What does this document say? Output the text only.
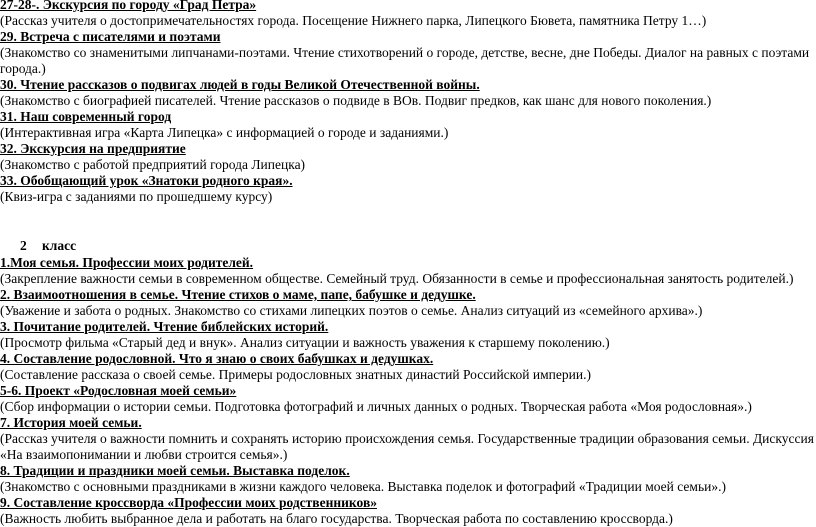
27-28-. Экскурсия по городу «Град Петра»
(Рассказ учителя о достопримечательностях города. Посещение Нижнего парка, Липецкого Бювета, памятника Петру 1…)
29. Встреча с писателями и поэтами
(Знакомство со знаменитыми липчанами-поэтами. Чтение стихотворений о городе, детстве, весне, дне Победы. Диалог на равных с поэтами
города.)
30. Чтение рассказов о подвигах людей в годы Великой Отечественной войны.
(Знакомство с биографией писателей. Чтение рассказов о подвиде в ВОв. Подвиг предков, как шанс для нового поколения.)
31. Наш современный город
(Интерактивная игра «Карта Липецка» с информацией о городе и заданиями.)
32. Экскурсия на предприятие
(Знакомство с работой предприятий города Липецка)
33. Обобщающий урок «Знатоки родного края».
(Квиз-игра с заданиями по прошедшему курсу)
2 класс
1.Моя семья. Профессии моих родителей.
(Закрепление важности семьи в современном обществе. Семейный труд. Обязанности в семье и профессиональная занятость родителей.)
2. Взаимоотношения в семье. Чтение стихов о маме, папе, бабушке и дедушке.
(Уважение и забота о родных. Знакомство со стихами липецких поэтов о семье. Анализ ситуаций из «семейного архива».)
3. Почитание родителей. Чтение библейских историй.
(Просмотр фильма «Старый дед и внук». Анализ ситуации и важность уважения к старшему поколению.)
4. Составление родословной. Что я знаю о своих бабушках и дедушках.
(Составление рассказа о своей семье. Примеры родословных знатных династий Российской империи.)
5-6. Проект «Родословная моей семьи»
(Сбор информации о истории семьи. Подготовка фотографий и личных данных о родных. Творческая работа «Моя родословная».)
7. История моей семьи.
(Рассказ учителя о важности помнить и сохранять историю происхождения семья. Государственные традиции образования семьи. Дискуссия
«На взаимопонимании и любви строится семья».)
8. Традиции и праздники моей семьи. Выставка поделок.
(Знакомство с основными праздниками в жизни каждого человека. Выставка поделок и фотографий «Традиции моей семьи».)
9. Составление кроссворда «Профессии моих родственников»
(Важность любить выбранное дела и работать на благо государства. Творческая работа по составлению кроссворда.)
